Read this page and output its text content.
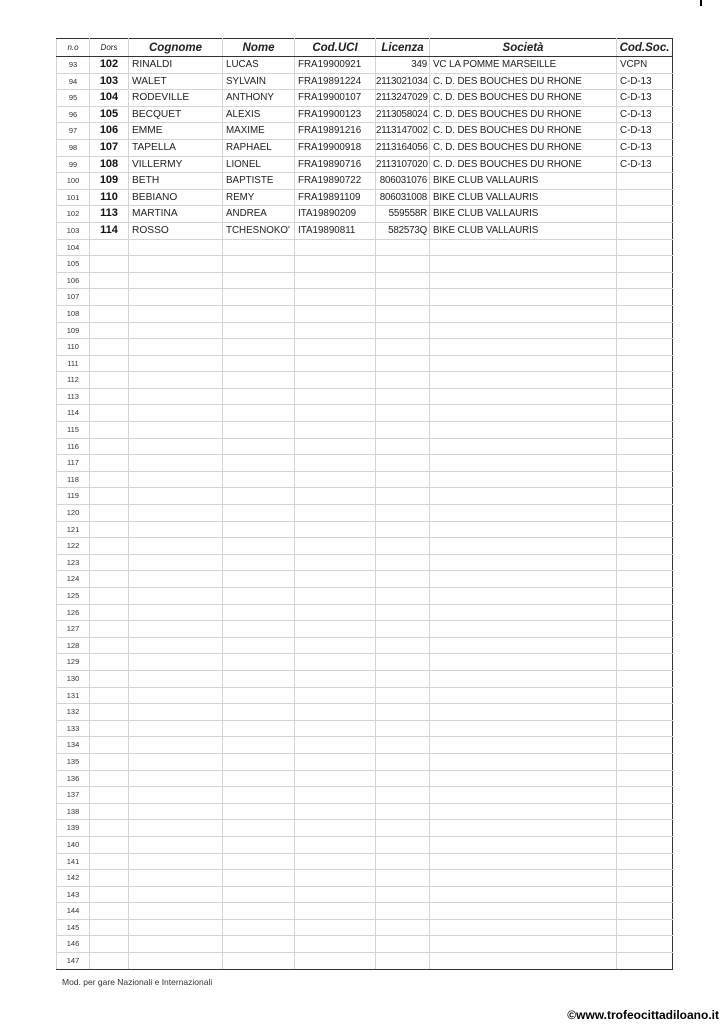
n.o	Dors	Cognome	Nome	Cod.UCI	Licenza	Società	Cod.Soc.
93	102	RINALDI	LUCAS	FRA19900921	349	VC LA POMME MARSEILLE	VCPN
94	103	WALET	SYLVAIN	FRA19891224	2113021034	C. D. DES BOUCHES DU RHONE	C-D-13
95	104	RODEVILLE	ANTHONY	FRA19900107	2113247029	C. D. DES BOUCHES DU RHONE	C-D-13
96	105	BECQUET	ALEXIS	FRA19900123	2113058024	C. D. DES BOUCHES DU RHONE	C-D-13
97	106	EMME	MAXIME	FRA19891216	2113147002	C. D. DES BOUCHES DU RHONE	C-D-13
98	107	TAPELLA	RAPHAEL	FRA19900918	2113164056	C. D. DES BOUCHES DU RHONE	C-D-13
99	108	VILLERMY	LIONEL	FRA19890716	2113107020	C. D. DES BOUCHES DU RHONE	C-D-13
100	109	BETH	BAPTISTE	FRA19890722	806031076	BIKE CLUB VALLAURIS	
101	110	BEBIANO	REMY	FRA19891109	806031008	BIKE CLUB VALLAURIS	
102	113	MARTINA	ANDREA	ITA19890209	559558R	BIKE CLUB VALLAURIS	
103	114	ROSSO	TCHESNOKO'	ITA19890811	582573Q	BIKE CLUB VALLAURIS	
104							
105							
106							
107							
108							
109							
110							
111							
112							
113							
114							
115							
116							
117							
118							
119							
120							
121							
122							
123							
124							
125							
126							
127							
128							
129							
130							
131							
132							
133							
134							
135							
136							
137							
138							
139							
140							
141							
142							
143							
144							
145							
146							
147							
Mod. per gare Nazionali e Internazionali
©www.trofeocittadiloano.it
